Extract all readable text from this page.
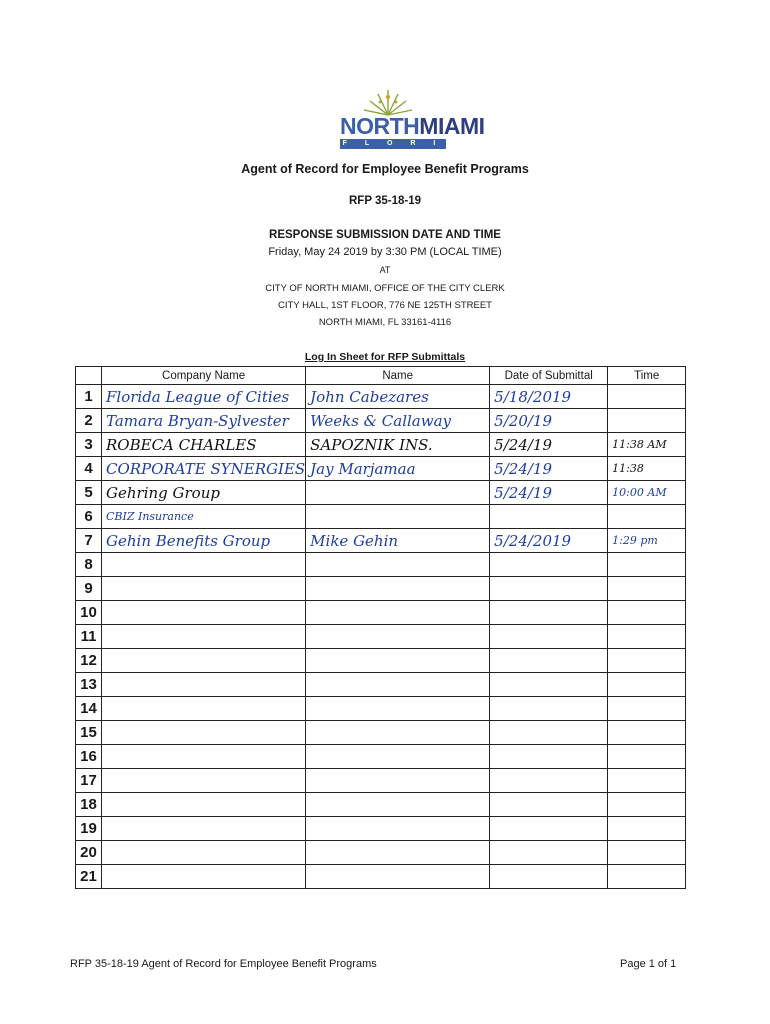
NORTHMIAMI
F L O R I D A
Agent of Record for Employee Benefit Programs
RFP 35-18-19
RESPONSE SUBMISSION DATE AND TIME
Friday, May 24 2019 by 3:30 PM (LOCAL TIME)
AT
CITY OF NORTH MIAMI, OFFICE OF THE CITY CLERK
CITY HALL, 1ST FLOOR, 776 NE 125TH STREET
NORTH MIAMI, FL 33161-4116
Log In Sheet for RFP Submittals
	Company Name	Name	Date of Submittal	Time
1	Florida League of Cities	John Cabezares	5/18/2019	
2	Tamara Bryan-Sylvester	Weeks & Callaway	5/20/19	
3	ROBECA CHARLES	SAPOZNIK INS.	5/24/19	11:38 AM
4	CORPORATE SYNERGIES	Jay Marjamaa	5/24/19	11:38
5	Gehring Group		5/24/19	10:00 AM
6	CBIZ Insurance			
7	Gehin Benefits Group	Mike Gehin	5/24/2019	1:29 pm
8				
9				
10				
11				
12				
13				
14				
15				
16				
17				
18				
19				
20				
21				
RFP 35-18-19 Agent of Record for Employee Benefit Programs	Page 1 of 1
